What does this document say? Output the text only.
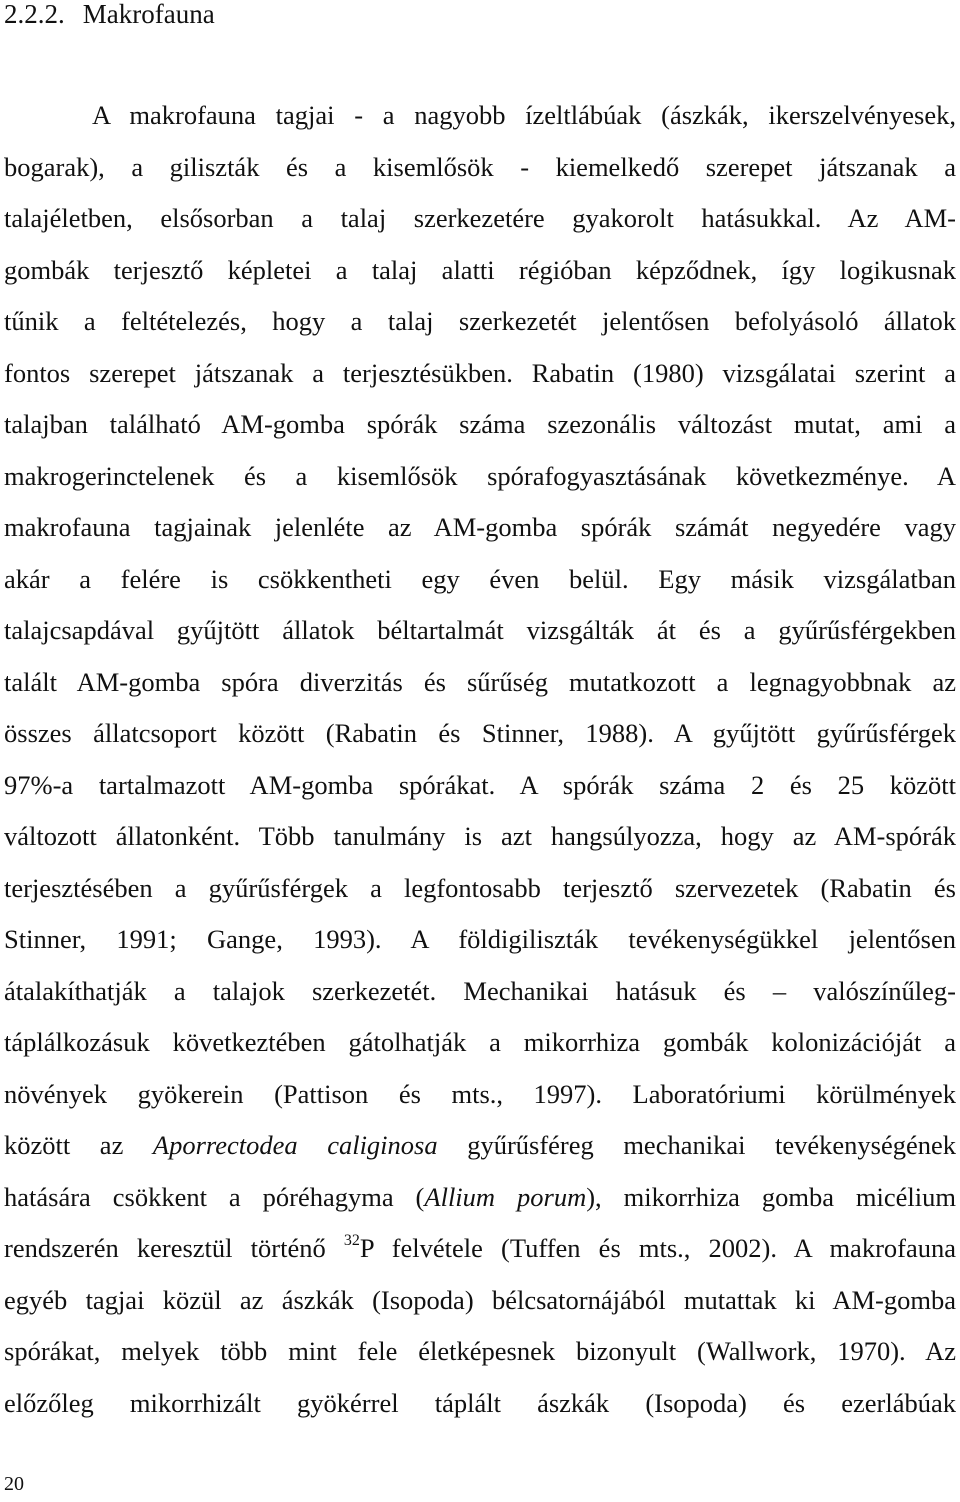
2.2.2. Makrofauna
A makrofauna tagjai - a nagyobb ízeltlábúak (ászkák, ikerszelvényesek,
bogarak), a giliszták és a kisemlősök - kiemelkedő szerepet játszanak a
talajéletben, elsősorban a talaj szerkezetére gyakorolt hatásukkal. Az AM-
gombák terjesztő képletei a talaj alatti régióban képződnek, így logikusnak
tűnik a feltételezés, hogy a talaj szerkezetét jelentősen befolyásoló állatok
fontos szerepet játszanak a terjesztésükben. Rabatin (1980) vizsgálatai szerint a
talajban található AM-gomba spórák száma szezonális változást mutat, ami a
makrogerinctelenek és a kisemlősök spórafogyasztásának következménye. A
makrofauna tagjainak jelenléte az AM-gomba spórák számát negyedére vagy
akár a felére is csökkentheti egy éven belül. Egy másik vizsgálatban
talajcsapdával gyűjtött állatok béltartalmát vizsgálták át és a gyűrűsférgekben
talált AM-gomba spóra diverzitás és sűrűség mutatkozott a legnagyobbnak az
összes állatcsoport között (Rabatin és Stinner, 1988). A gyűjtött gyűrűsférgek
97%-a tartalmazott AM-gomba spórákat. A spórák száma 2 és 25 között
változott állatonként. Több tanulmány is azt hangsúlyozza, hogy az AM-spórák
terjesztésében a gyűrűsférgek a legfontosabb terjesztő szervezetek (Rabatin és
Stinner, 1991; Gange, 1993). A földigiliszták tevékenységükkel jelentősen
átalakíthatják a talajok szerkezetét. Mechanikai hatásuk és – valószínűleg-
táplálkozásuk következtében gátolhatják a mikorrhiza gombák kolonizációját a
növények gyökerein (Pattison és mts., 1997). Laboratóriumi körülmények
között az Aporrectodea caliginosa gyűrűsféreg mechanikai tevékenységének
hatására csökkent a póréhagyma (Allium porum), mikorrhiza gomba micélium
rendszerén keresztül történő $^{32}$P felvétele (Tuffen és mts., 2002). A makrofauna
egyéb tagjai közül az ászkák (Isopoda) bélcsatornájából mutattak ki AM-gomba
spórákat, melyek több mint fele életképesnek bizonyult (Wallwork, 1970). Az
előzőleg mikorrhizált gyökérrel táplált ászkák (Isopoda) és ezerlábúak
20
